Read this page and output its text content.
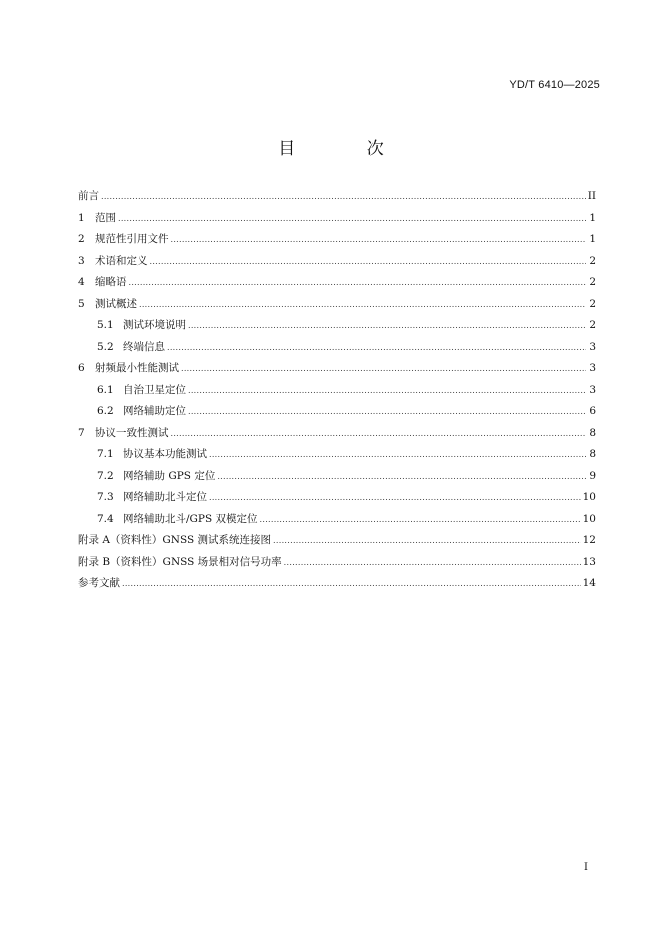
YD/T 6410—2025
目 次
前言 .....	II
1 范围 .....	1
2 规范性引用文件 .....	1
3 术语和定义 .....	2
4 缩略语 .....	2
5 测试概述 .....	2
5.1 测试环境说明 .....	2
5.2 终端信息 .....	3
6 射频最小性能测试 .....	3
6.1 自治卫星定位 .....	3
6.2 网络辅助定位 .....	6
7 协议一致性测试 .....	8
7.1 协议基本功能测试 .....	8
7.2 网络辅助 GPS 定位 .....	9
7.3 网络辅助北斗定位 .....	10
7.4 网络辅助北斗/GPS 双模定位 .....	10
附录 A（资料性）GNSS 测试系统连接图 .....	12
附录 B（资料性）GNSS 场景相对信号功率 .....	13
参考文献 .....	14
I
